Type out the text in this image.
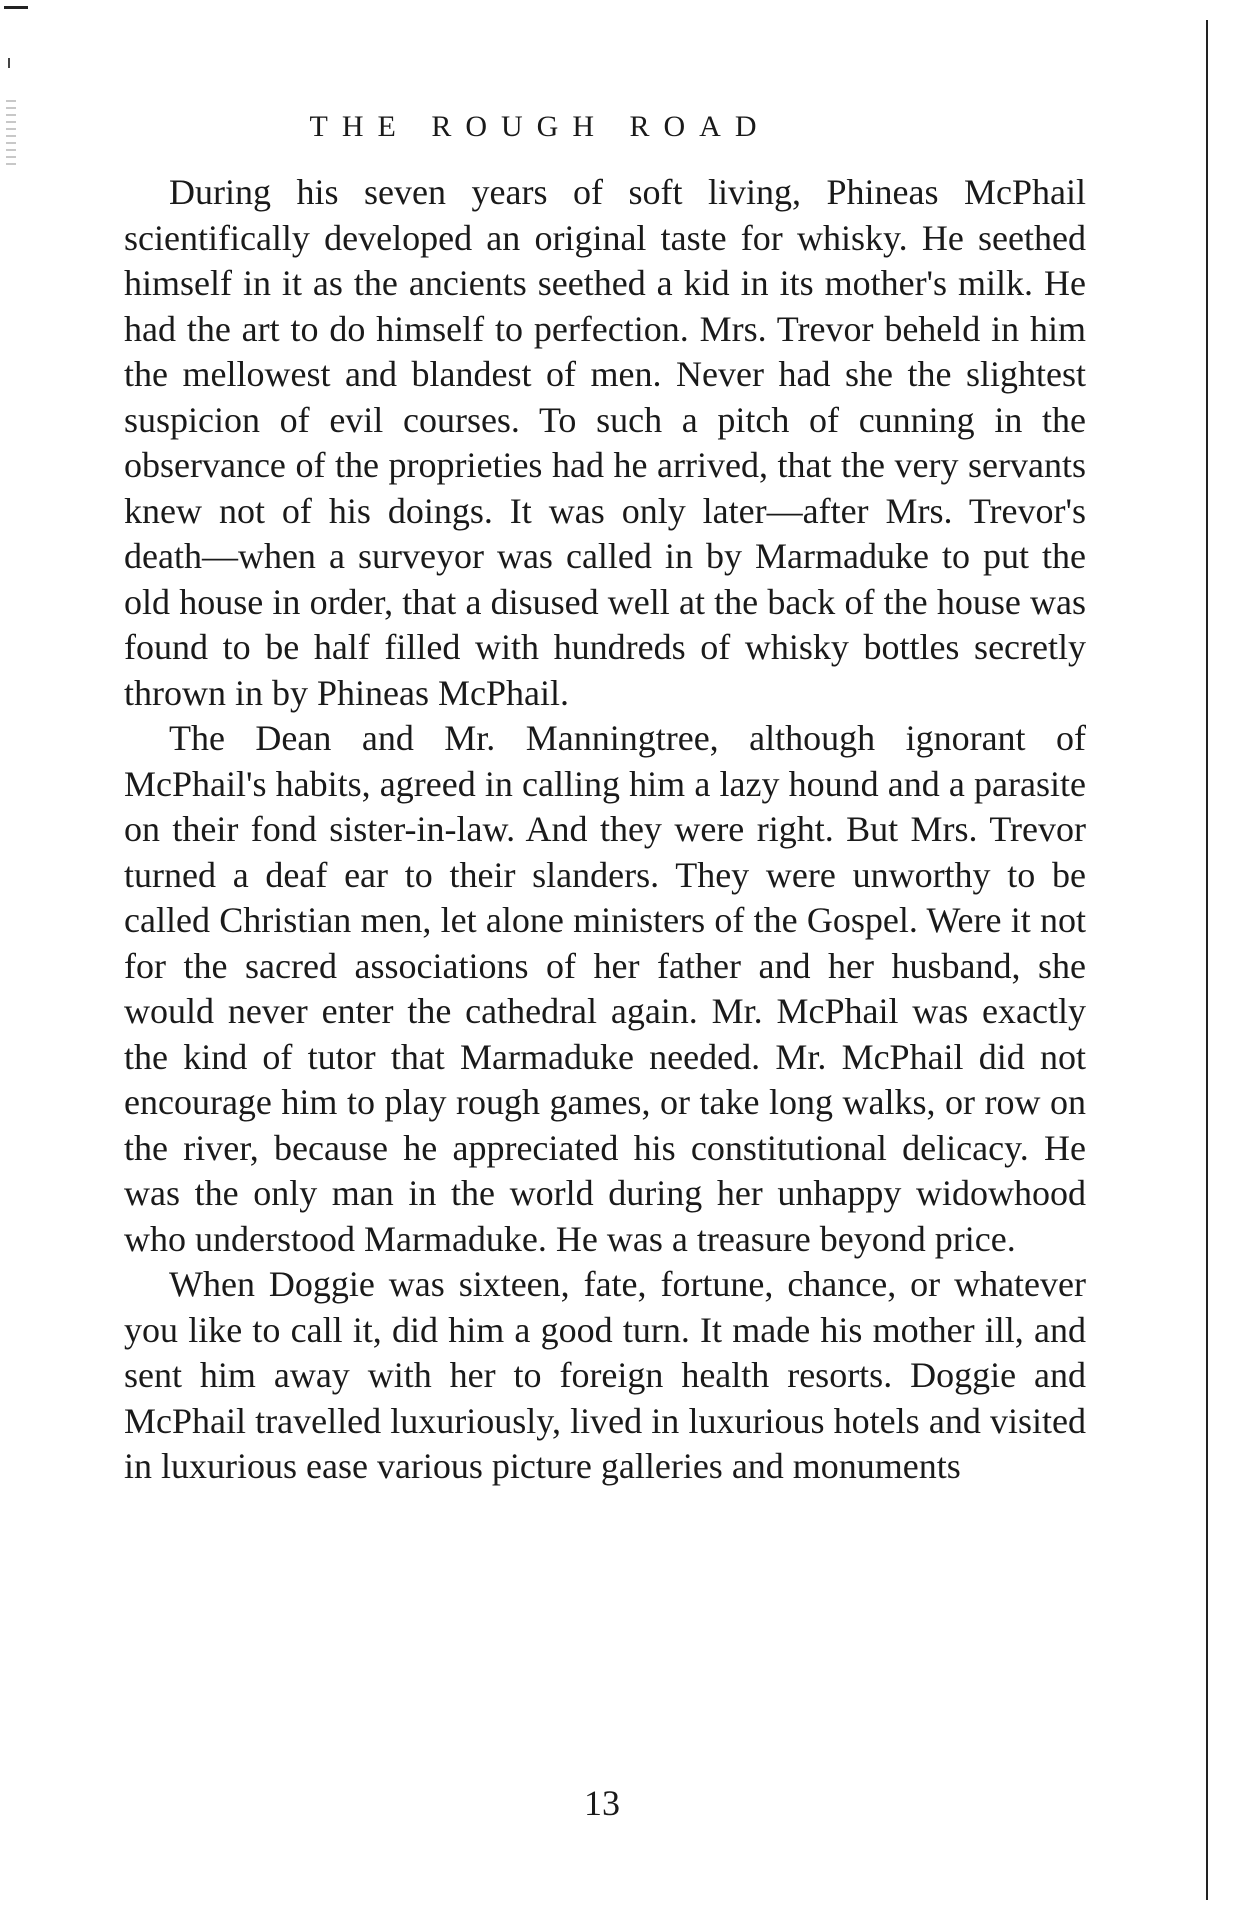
THE ROUGH ROAD

During his seven years of soft living, Phineas McPhail scientifically developed an original taste for whisky. He seethed himself in it as the ancients seethed a kid in its mother's milk. He had the art to do himself to perfection. Mrs. Trevor beheld in him the mellowest and blandest of men. Never had she the slightest suspicion of evil courses. To such a pitch of cunning in the observance of the proprieties had he arrived, that the very servants knew not of his doings. It was only later—after Mrs. Trevor's death—when a surveyor was called in by Marmaduke to put the old house in order, that a disused well at the back of the house was found to be half filled with hundreds of whisky bottles secretly thrown in by Phineas McPhail.

The Dean and Mr. Manningtree, although ignorant of McPhail's habits, agreed in calling him a lazy hound and a parasite on their fond sister-in-law. And they were right. But Mrs. Trevor turned a deaf ear to their slanders. They were unworthy to be called Christian men, let alone ministers of the Gospel. Were it not for the sacred associations of her father and her husband, she would never enter the cathedral again. Mr. McPhail was exactly the kind of tutor that Marmaduke needed. Mr. McPhail did not encourage him to play rough games, or take long walks, or row on the river, because he appreciated his constitutional delicacy. He was the only man in the world during her unhappy widowhood who understood Marmaduke. He was a treasure beyond price.

When Doggie was sixteen, fate, fortune, chance, or whatever you like to call it, did him a good turn. It made his mother ill, and sent him away with her to foreign health resorts. Doggie and McPhail travelled luxuriously, lived in luxurious hotels and visited in luxurious ease various picture galleries and monuments

13
